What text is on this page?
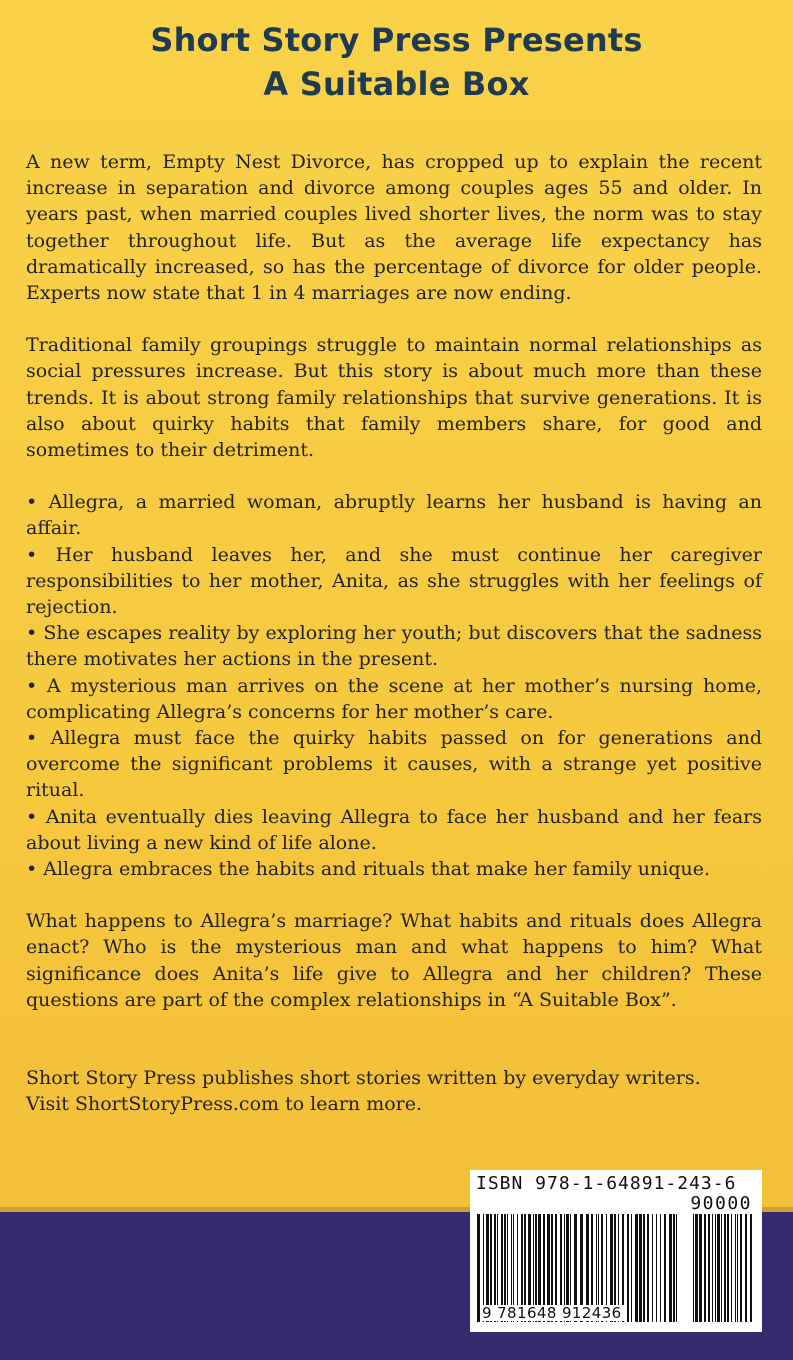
Short Story Press Presents
A Suitable Box

A new term, Empty Nest Divorce, has cropped up to explain the recent increase in separation and divorce among couples ages 55 and older. In years past, when married couples lived shorter lives, the norm was to stay together throughout life. But as the average life expectancy has dramatically increased, so has the percentage of divorce for older people. Experts now state that 1 in 4 marriages are now ending.

Traditional family groupings struggle to maintain normal relationships as social pressures increase. But this story is about much more than these trends. It is about strong family relationships that survive generations. It is also about quirky habits that family members share, for good and sometimes to their detriment.

• Allegra, a married woman, abruptly learns her husband is having an affair.

• Her husband leaves her, and she must continue her caregiver responsibilities to her mother, Anita, as she struggles with her feelings of rejection.

• She escapes reality by exploring her youth; but discovers that the sadness there motivates her actions in the present.

• A mysterious man arrives on the scene at her mother’s nursing home, complicating Allegra’s concerns for her mother’s care.

• Allegra must face the quirky habits passed on for generations and overcome the significant problems it causes, with a strange yet positive ritual.

• Anita eventually dies leaving Allegra to face her husband and her fears about living a new kind of life alone.

• Allegra embraces the habits and rituals that make her family unique.

What happens to Allegra’s marriage? What habits and rituals does Allegra enact? Who is the mysterious man and what happens to him? What significance does Anita’s life give to Allegra and her children? These questions are part of the complex relationships in “A Suitable Box”.

Short Story Press publishes short stories written by everyday writers.
Visit ShortStoryPress.com to learn more.

ISBN 978-1-64891-243-6
90000
9 781648 912436
